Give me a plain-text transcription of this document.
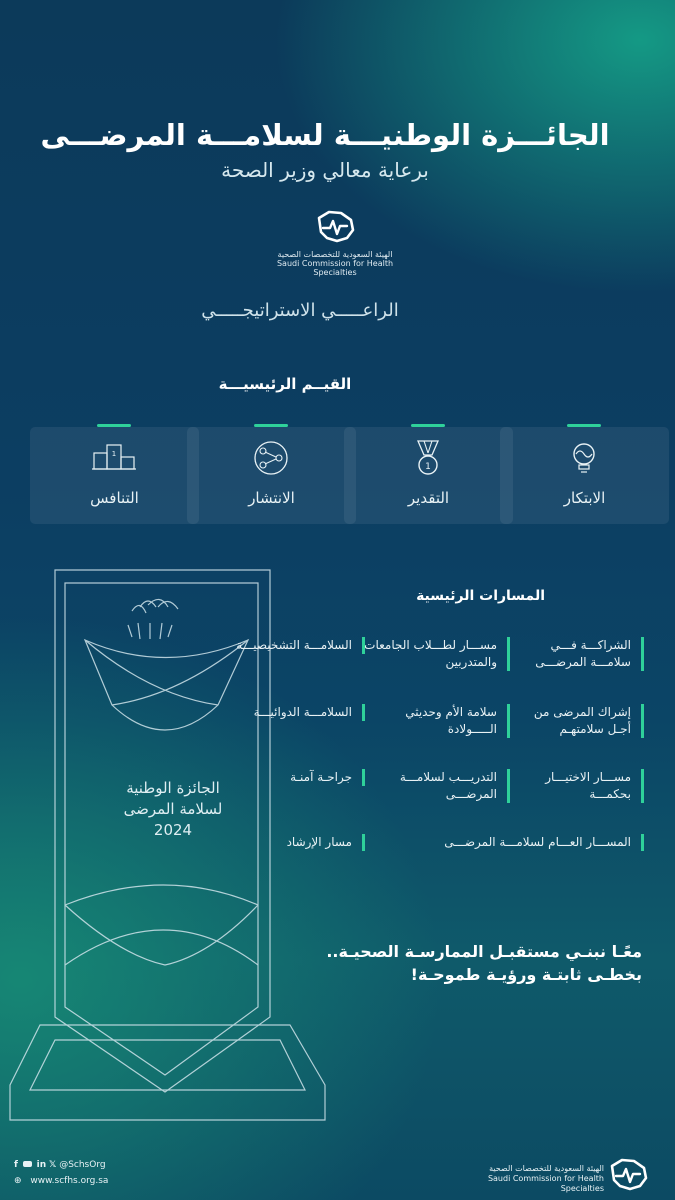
الجائـــزة الوطنيـــة لسلامـــة المرضـــى
برعاية معالي وزير الصحة
الهيئة السعودية للتخصصات الصحية
Saudi Commission for Health Specialties
الراعـــــي الاستراتيجـــــي
القيــم الرئيسيـــة
الابتكار
1
التقدير
الانتشار
1
التنافس
الجائزة الوطنية
لسلامة المرضى
2024
المسارات الرئيسية
الشراكـــة فـــي سلامـــة المرضـــى
مســـار لطـــلاب الجامعات والمتدربين
السلامـــة التشخيصيـــة
إشراك المرضى من أجـل سلامتهـم
سلامة الأم وحديثي الـــــولادة
السلامـــة الدوائيـــة
مســـار الاختيـــار بحكمـــة
التدريـــب لسلامـــة المرضـــى
جراحـة آمنـة
المســـار العـــام لسلامـــة المرضـــى
مسار الإرشاد
معًـا نبنـي مستقبـل الممارسـة الصحيـة..
بخطـى ثابتـة ورؤيـة طموحـة!
f in 𝕏 @SchsOrg
⊕ www.scfhs.org.sa
الهيئة السعودية للتخصصات الصحية
Saudi Commission for Health Specialties
